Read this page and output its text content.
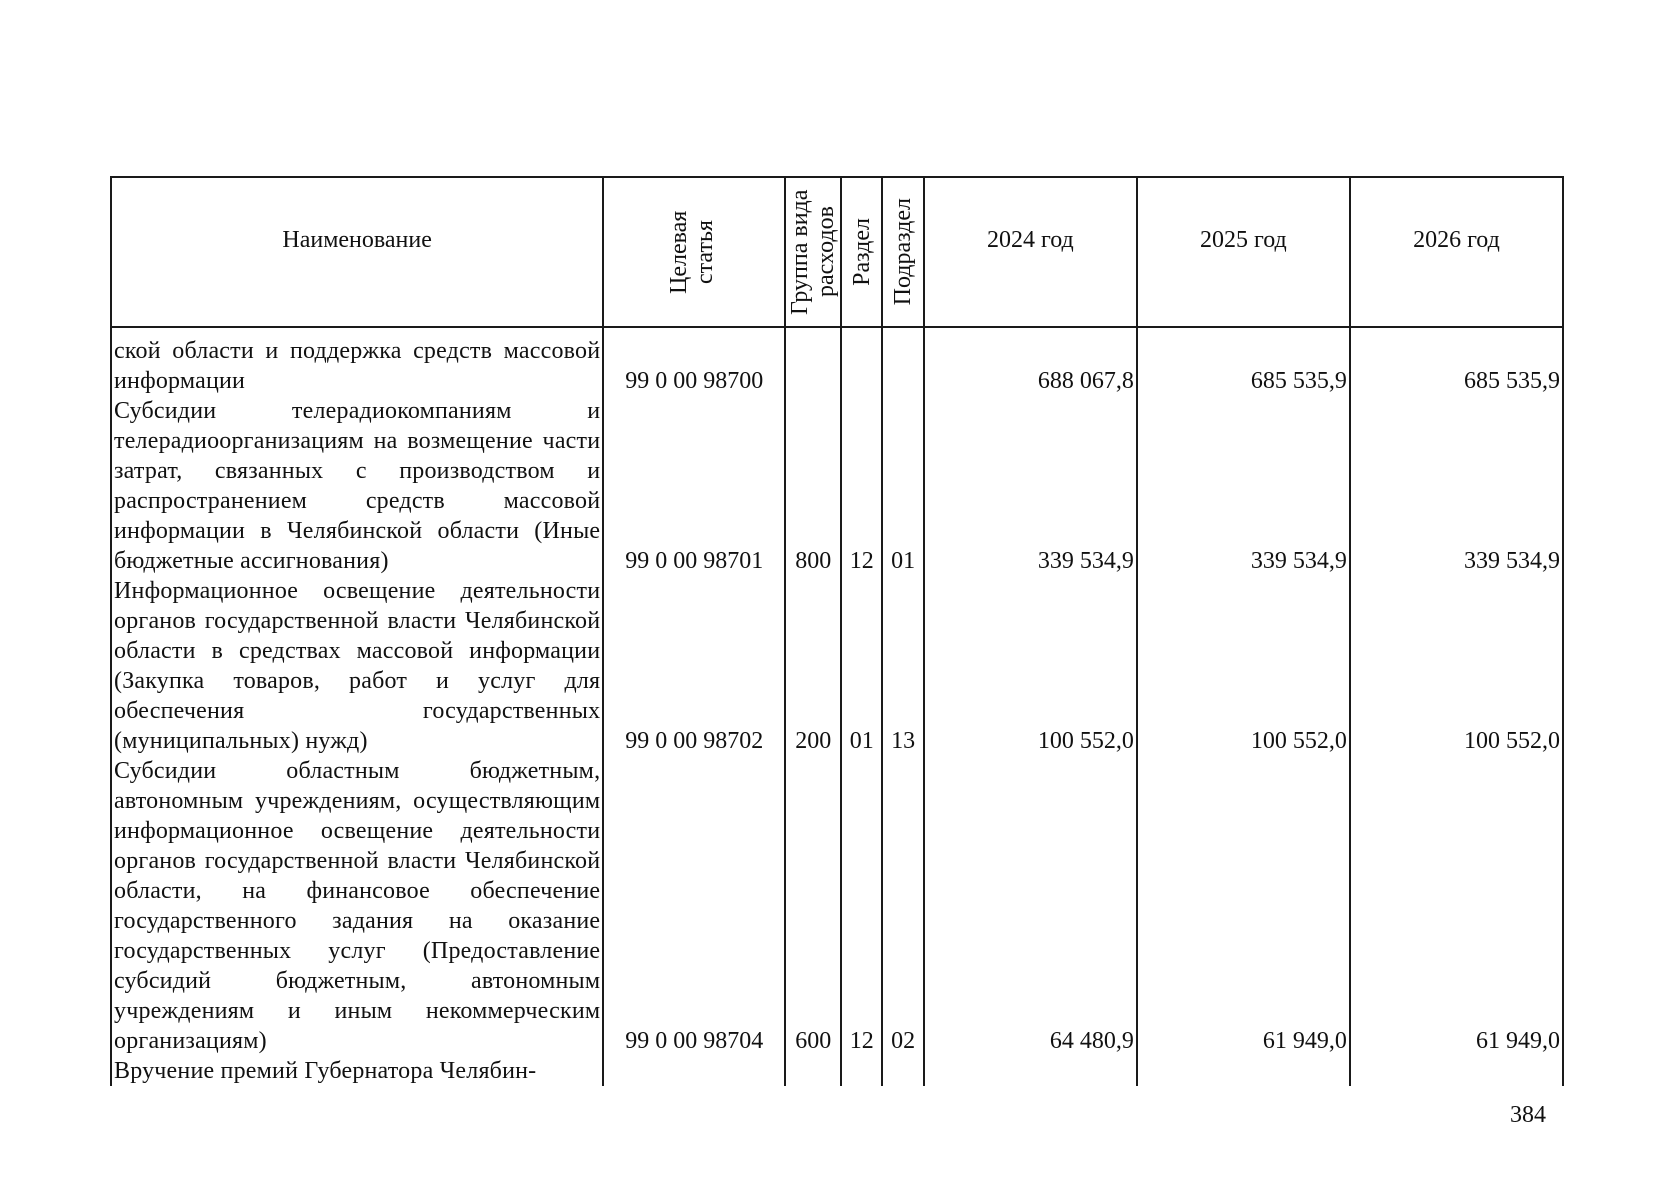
Наименование	Целевая статья	Группа вида расходов	Раздел	Подраздел	2024 год	2025 год	2026 год

ской области и поддержка средств массовой информации	99 0 00 98700				688 067,8	685 535,9	685 535,9
Субсидии телерадиокомпаниям и телерадиоорганизациям на возмещение части затрат, связанных с производством и распространением средств массовой информации в Челябинской области (Иные бюджетные ассигнования)	99 0 00 98701	800	12	01	339 534,9	339 534,9	339 534,9
Информационное освещение деятельности органов государственной власти Челябинской области в средствах массовой информации (Закупка товаров, работ и услуг для обеспечения государственных (муниципальных) нужд)	99 0 00 98702	200	01	13	100 552,0	100 552,0	100 552,0
Субсидии областным бюджетным, автономным учреждениям, осуществляющим информационное освещение деятельности органов государственной власти Челябинской области, на финансовое обеспечение государственного задания на оказание государственных услуг (Предоставление субсидий бюджетным, автономным учреждениям и иным некоммерческим организациям)	99 0 00 98704	600	12	02	64 480,9	61 949,0	61 949,0
Вручение премий Губернатора Челябин-							
384
